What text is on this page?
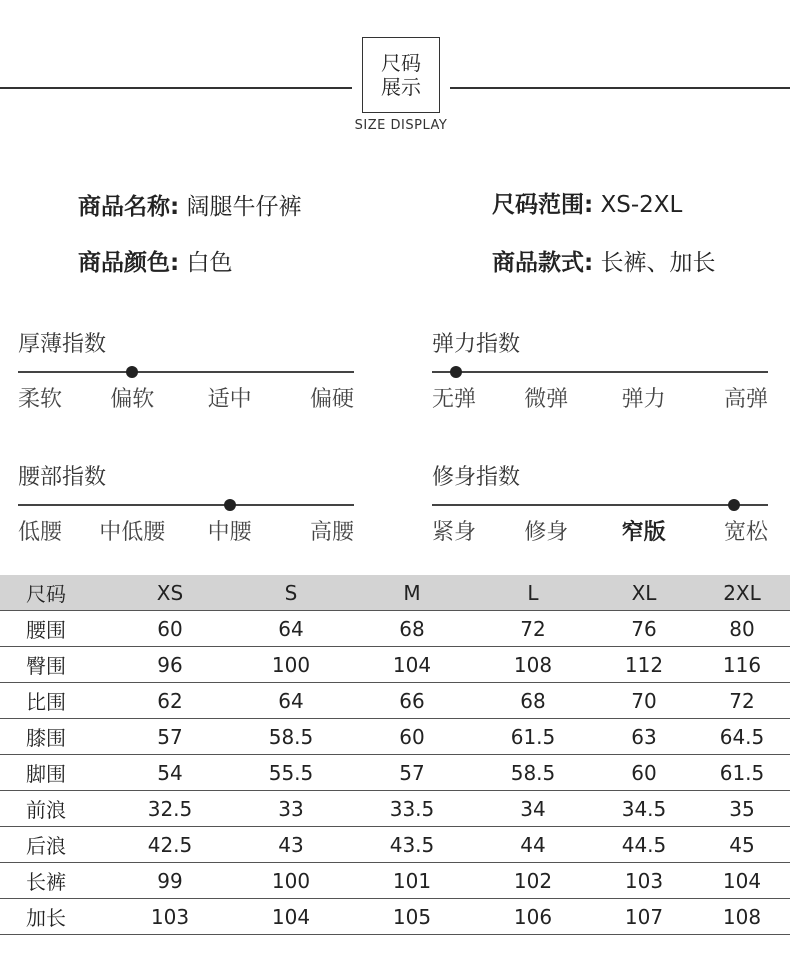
尺码
展示
SIZE DISPLAY
商品名称: 阔腿牛仔裤	尺码范围: XS-2XL
商品颜色: 白色	商品款式: 长裤、加长
厚薄指数
柔软 偏软 适中	偏硬
弹力指数
无弹 微弹 弹力	高弹
腰部指数
低腰 中低腰 中腰	高腰
修身指数
紧身 修身 窄版	宽松
尺码	XS	S	M	L	XL	2XL
腰围	60	64	68	72	76	80
臀围	96	100	104	108	112	116
比围	62	64	66	68	70	72
膝围	57	58.5	60	61.5	63	64.5
脚围	54	55.5	57	58.5	60	61.5
前浪	32.5	33	33.5	34	34.5	35
后浪	42.5	43	43.5	44	44.5	45
长裤	99	100	101	102	103	104
加长	103	104	105	106	107	108
